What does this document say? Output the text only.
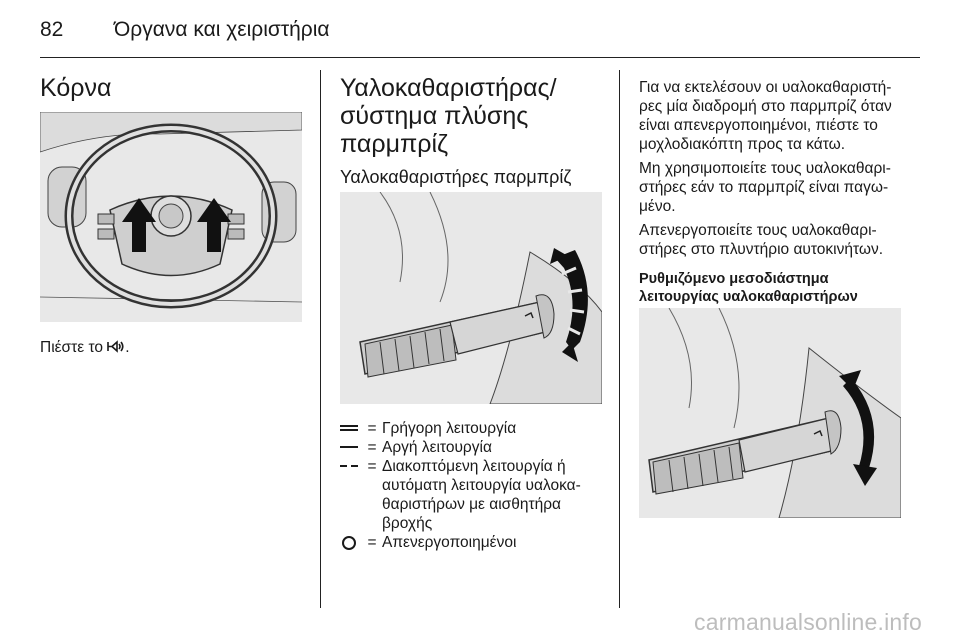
82 Όργανα και χειριστήρια
Κόρνα
Πιέστε το .
Υαλοκαθαριστήρας/
σύστημα πλύσης
παρμπρίζ
Υαλοκαθαριστήρες παρμπρίζ
= Γρήγορη λειτουργία
= Αργή λειτουργία
= Διακοπτόμενη λειτουργία ή αυτόματη λειτουργία υαλοκα-θαριστήρων με αισθητήρα βροχής
= Απενεργοποιημένοι
Για να εκτελέσουν οι υαλοκαθαριστή-
ρες μία διαδρομή στο παρμπρίζ όταν
είναι απενεργοποιημένοι, πιέστε το
μοχλοδιακόπτη προς τα κάτω.
Μη χρησιμοποιείτε τους υαλοκαθαρι-
στήρες εάν το παρμπρίζ είναι παγω-
μένο.
Απενεργοποιείτε τους υαλοκαθαρι-
στήρες στο πλυντήριο αυτοκινήτων.
Ρυθμιζόμενο μεσοδιάστημα
λειτουργίας υαλοκαθαριστήρων
carmanualsonline.info
